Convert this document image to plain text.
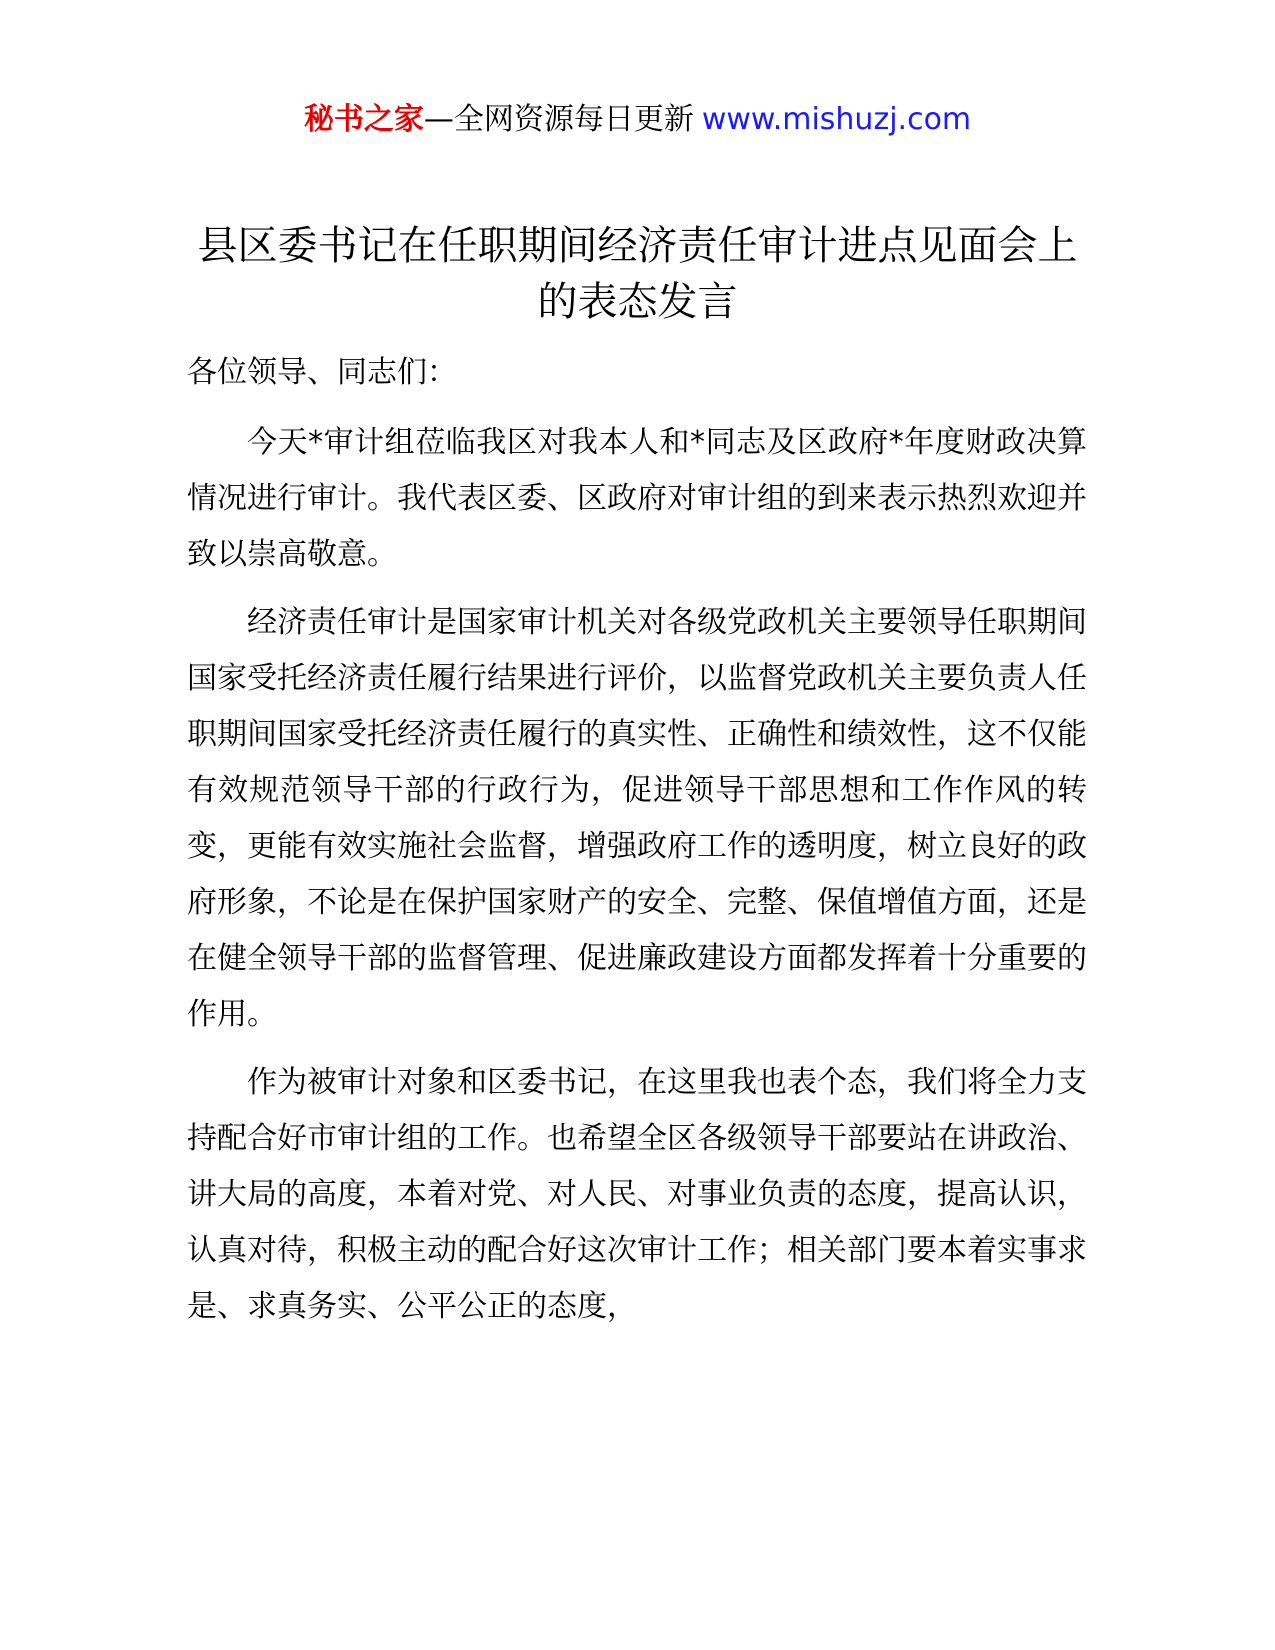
秘书之家—全网资源每日更新 www.mishuzj.com
县区委书记在任职期间经济责任审计进点见面会上的表态发言

各位领导、同志们：

今天*审计组莅临我区对我本人和*同志及区政府*年度财政决算情况进行审计。我代表区委、区政府对审计组的到来表示热烈欢迎并致以崇高敬意。

经济责任审计是国家审计机关对各级党政机关主要领导任职期间国家受托经济责任履行结果进行评价，以监督党政机关主要负责人任职期间国家受托经济责任履行的真实性、正确性和绩效性，这不仅能有效规范领导干部的行政行为，促进领导干部思想和工作作风的转变，更能有效实施社会监督，增强政府工作的透明度，树立良好的政府形象，不论是在保护国家财产的安全、完整、保值增值方面，还是在健全领导干部的监督管理、促进廉政建设方面都发挥着十分重要的作用。

作为被审计对象和区委书记，在这里我也表个态，我们将全力支持配合好市审计组的工作。也希望全区各级领导干部要站在讲政治、讲大局的高度，本着对党、对人民、对事业负责的态度，提高认识，认真对待，积极主动的配合好这次审计工作；相关部门要本着实事求是、求真务实、公平公正的态度，
